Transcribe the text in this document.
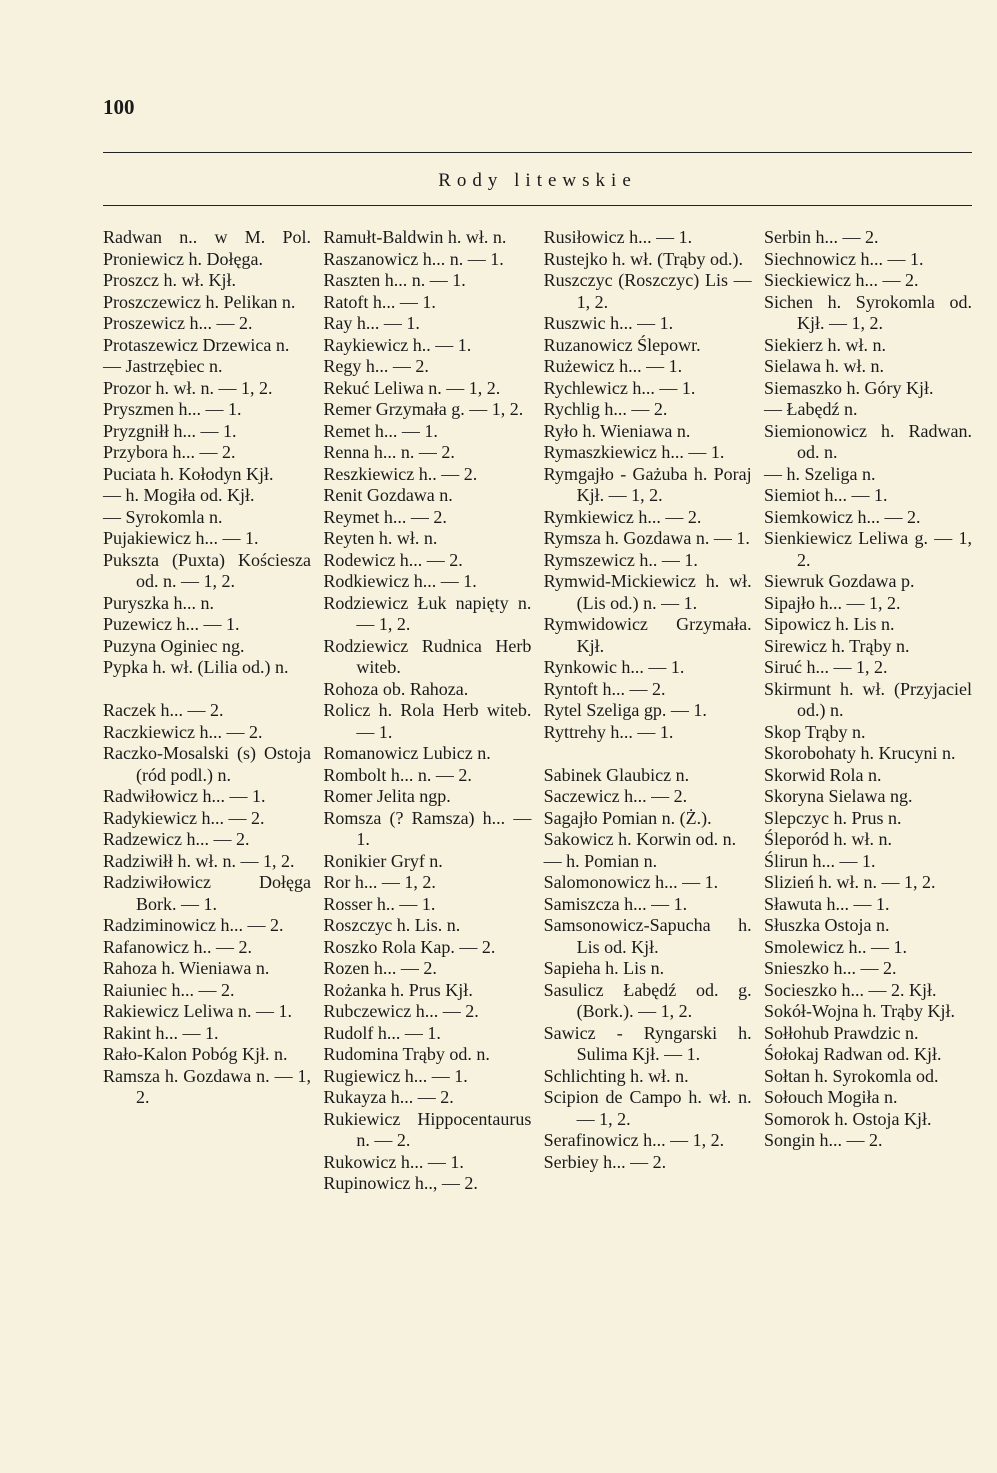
100
Rody litewskie
Radwan n.. w M. Pol. Proniewicz h. Dołęga.
Proszcz h. wł. Kjł.
Proszczewicz h. Pelikan n.
Proszewicz h... — 2.
Protaszewicz Drzewica n.
— Jastrzębiec n.
Prozor h. wł. n. — 1, 2.
Pryszmen h... — 1.
Pryzgniłł h... — 1.
Przybora h... — 2.
Puciata h. Kołodyn Kjł.
— h. Mogiła od. Kjł.
— Syrokomla n.
Pujakiewicz h... — 1.
Pukszta (Puxta) Kościesza od. n. — 1, 2.
Puryszka h... n.
Puzewicz h... — 1.
Puzyna Oginiec ng.
Pypka h. wł. (Lilia od.) n.
Raczek h... — 2.
Raczkiewicz h... — 2.
Raczko-Mosalski (s) Ostoja (ród podl.) n.
Radwiłowicz h... — 1.
Radykiewicz h... — 2.
Radzewicz h... — 2.
Radziwiłł h. wł. n. — 1, 2.
Radziwiłowicz Dołęga Bork. — 1.
Radziminowicz h... — 2.
Rafanowicz h.. — 2.
Rahoza h. Wieniawa n.
Raiuniec h... — 2.
Rakiewicz Leliwa n. — 1.
Rakint h... — 1.
Rało-Kalon Pobóg Kjł. n.
Ramsza h. Gozdawa n. — 1, 2.
Ramułt-Baldwin h. wł. n.
Raszanowicz h... n. — 1.
Raszten h... n. — 1.
Ratoft h... — 1.
Ray h... — 1.
Raykiewicz h.. — 1.
Regy h... — 2.
Rekuć Leliwa n. — 1, 2.
Remer Grzymała g. — 1, 2.
Remet h... — 1.
Renna h... n. — 2.
Reszkiewicz h.. — 2.
Renit Gozdawa n.
Reymet h... — 2.
Reyten h. wł. n.
Rodewicz h... — 2.
Rodkiewicz h... — 1.
Rodziewicz Łuk napięty n. — 1, 2.
Rodziewicz Rudnica Herb witeb.
Rohoza ob. Rahoza.
Rolicz h. Rola Herb witeb. — 1.
Romanowicz Lubicz n.
Rombolt h... n. — 2.
Romer Jelita ngp.
Romsza (? Ramsza) h... — 1.
Ronikier Gryf n.
Ror h... — 1, 2.
Rosser h.. — 1.
Roszczyc h. Lis. n.
Roszko Rola Kap. — 2.
Rozen h... — 2.
Rożanka h. Prus Kjł.
Rubczewicz h... — 2.
Rudolf h... — 1.
Rudomina Trąby od. n.
Rugiewicz h... — 1.
Rukayza h... — 2.
Rukiewicz Hippocentaurus n. — 2.
Rukowicz h... — 1.
Rupinowicz h.., — 2.
Rusiłowicz h... — 1.
Rustejko h. wł. (Trąby od.).
Ruszczyc (Roszczyc) Lis — 1, 2.
Ruszwic h... — 1.
Ruzanowicz Ślepowr.
Rużewicz h... — 1.
Rychlewicz h... — 1.
Rychlig h... — 2.
Ryło h. Wieniawa n.
Rymaszkiewicz h... — 1.
Rymgajło - Gażuba h. Poraj Kjł. — 1, 2.
Rymkiewicz h... — 2.
Rymsza h. Gozdawa n. — 1.
Rymszewicz h.. — 1.
Rymwid-Mickiewicz h. wł. (Lis od.) n. — 1.
Rymwidowicz Grzymała. Kjł.
Rynkowic h... — 1.
Ryntoft h... — 2.
Rytel Szeliga gp. — 1.
Ryttrehy h... — 1.
Sabinek Glaubicz n.
Saczewicz h... — 2.
Sagajło Pomian n. (Ż.).
Sakowicz h. Korwin od. n.
— h. Pomian n.
Salomonowicz h... — 1.
Samiszcza h... — 1.
Samsonowicz-Sapucha h. Lis od. Kjł.
Sapieha h. Lis n.
Sasulicz Łabędź od. g. (Bork.). — 1, 2.
Sawicz - Ryngarski h. Sulima Kjł. — 1.
Schlichting h. wł. n.
Scipion de Campo h. wł. n. — 1, 2.
Serafinowicz h... — 1, 2.
Serbiey h... — 2.
Serbin h... — 2.
Siechnowicz h... — 1.
Sieckiewicz h... — 2.
Sichen h. Syrokomla od. Kjł. — 1, 2.
Siekierz h. wł. n.
Sielawa h. wł. n.
Siemaszko h. Góry Kjł.
— Łabędź n.
Siemionowicz h. Radwan. od. n.
— h. Szeliga n.
Siemiot h... — 1.
Siemkowicz h... — 2.
Sienkiewicz Leliwa g. — 1, 2.
Siewruk Gozdawa p.
Sipajło h... — 1, 2.
Sipowicz h. Lis n.
Sirewicz h. Trąby n.
Siruć h... — 1, 2.
Skirmunt h. wł. (Przyjaciel od.) n.
Skop Trąby n.
Skorobohaty h. Krucyni n.
Skorwid Rola n.
Skoryna Sielawa ng.
Slepczyc h. Prus n.
Śleporód h. wł. n.
Ślirun h... — 1.
Slizień h. wł. n. — 1, 2.
Sławuta h... — 1.
Słuszka Ostoja n.
Smolewicz h.. — 1.
Snieszko h... — 2.
Socieszko h... — 2. Kjł.
Sokół-Wojna h. Trąby Kjł.
Sołłohub Prawdzic n.
Śołokaj Radwan od. Kjł.
Sołtan h. Syrokomla od.
Sołouch Mogiła n.
Somorok h. Ostoja Kjł.
Songin h... — 2.
